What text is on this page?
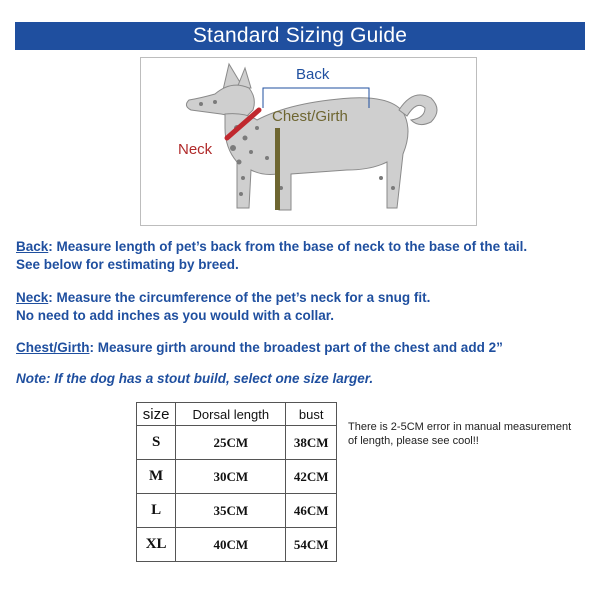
Standard Sizing Guide
Back
Chest/Girth
Neck
Back: Measure length of pet’s back from the base of neck to the base of the tail.
See below for estimating by breed.
Neck: Measure the circumference of the pet’s neck for a snug fit.
No need to add inches as you would with a collar.
Chest/Girth: Measure girth around the broadest part of the chest and add 2”
Note: If the dog has a stout build, select one size larger.
size	Dorsal length	bust
S	25CM	38CM
M	30CM	42CM
L	35CM	46CM
XL	40CM	54CM
There is 2-5CM error in manual measurement of length, please see cool!!
